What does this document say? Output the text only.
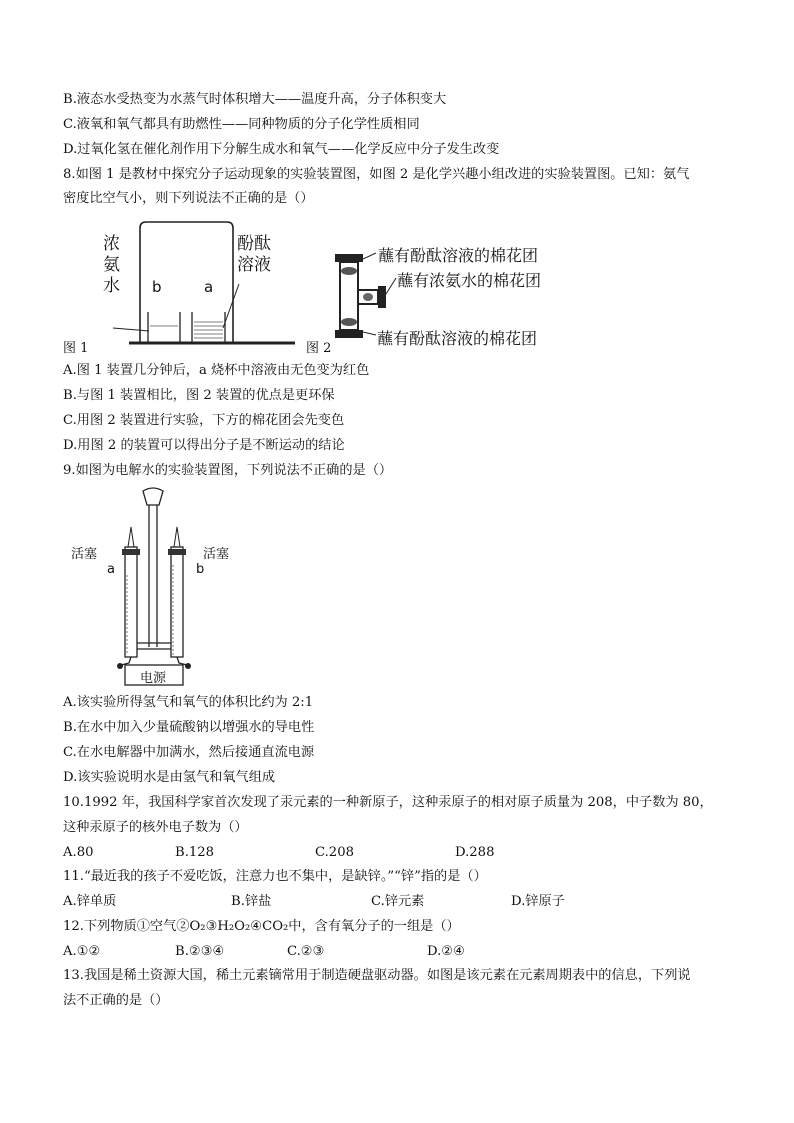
B.液态水受热变为水蒸气时体积增大——温度升高，分子体积变大
C.液氧和氧气都具有助燃性——同种物质的分子化学性质相同
D.过氧化氢在催化剂作用下分解生成水和氧气——化学反应中分子发生改变
8.如图 1 是教材中探究分子运动现象的实验装置图，如图 2 是化学兴趣小组改进的实验装置图。已知：氨气
密度比空气小，则下列说法不正确的是（）
浓
氨
水
酚酞
溶液
b	a
图 1
蘸有酚酞溶液的棉花团
蘸有浓氨水的棉花团
蘸有酚酞溶液的棉花团
图 2
A.图 1 装置几分钟后，a 烧杯中溶液由无色变为红色
B.与图 1 装置相比，图 2 装置的优点是更环保
C.用图 2 装置进行实验，下方的棉花团会先变色
D.用图 2 的装置可以得出分子是不断运动的结论
9.如图为电解水的实验装置图，下列说法不正确的是（）
活塞	活塞
a	b
电源
A.该实验所得氢气和氧气的体积比约为 2:1
B.在水中加入少量硫酸钠以增强水的导电性
C.在水电解器中加满水，然后接通直流电源
D.该实验说明水是由氢气和氧气组成
10.1992 年，我国科学家首次发现了汞元素的一种新原子，这种汞原子的相对原子质量为 208，中子数为 80，
这种汞原子的核外电子数为（）
A.80	B.128	C.208	D.288
11.“最近我的孩子不爱吃饭，注意力也不集中，是缺锌。”“锌”指的是（）
A.锌单质	B.锌盐	C.锌元素	D.锌原子
12.下列物质①空气②O₂③H₂O₂④CO₂中，含有氧分子的一组是（）
A.①②	B.②③④	C.②③	D.②④
13.我国是稀土资源大国，稀土元素镝常用于制造硬盘驱动器。如图是该元素在元素周期表中的信息，下列说
法不正确的是（）
